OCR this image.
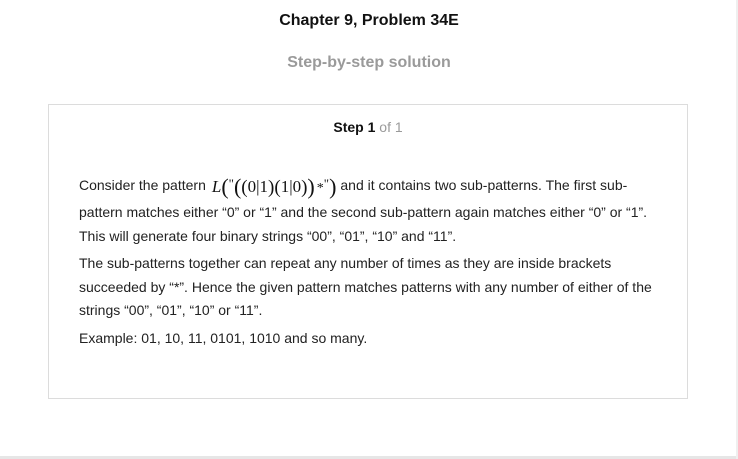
Chapter 9, Problem 34E
Step-by-step solution
Step 1 of 1

Consider the pattern L("((0|1)(1|0)) *") and it contains two sub-patterns. The first sub-
pattern matches either “0” or “1” and the second sub-pattern again matches either “0” or “1”. This will generate four binary strings “00”, “01”, “10” and “11”.

The sub-patterns together can repeat any number of times as they are inside brackets succeeded by “*”. Hence the given pattern matches patterns with any number of either of the strings “00”, “01”, “10” or “11”.

Example: 01, 10, 11, 0101, 1010 and so many.
